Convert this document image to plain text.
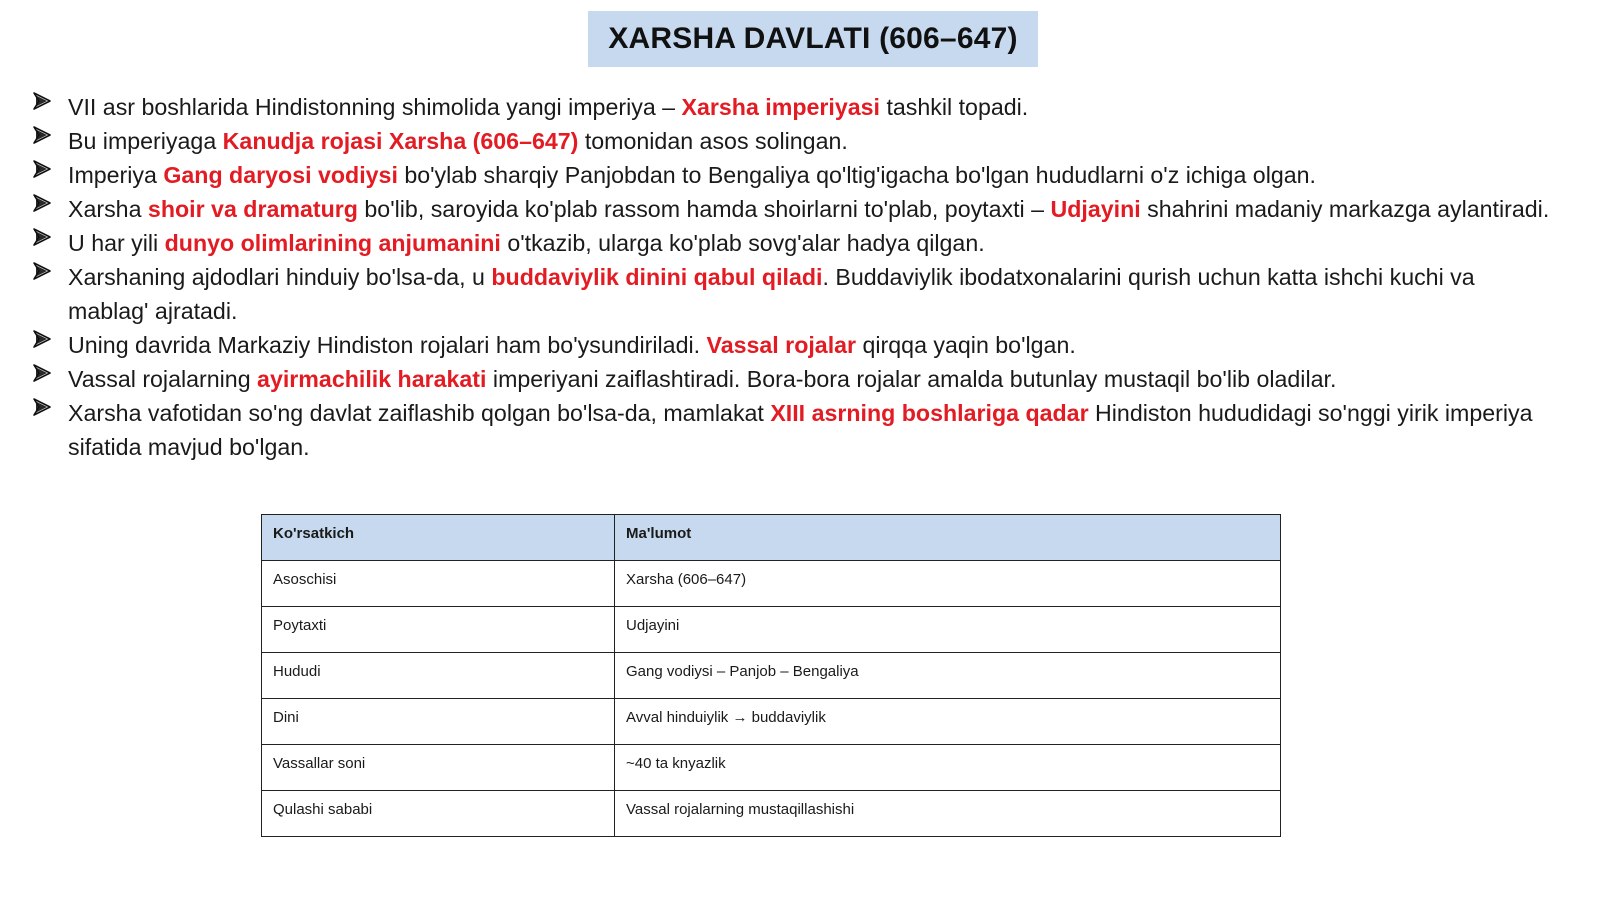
XARSHA DAVLATI (606–647)
VII asr boshlarida Hindistonning shimolida yangi imperiya – Xarsha imperiyasi tashkil topadi.
Bu imperiyaga Kanudja rojasi Xarsha (606–647) tomonidan asos solingan.
Imperiya Gang daryosi vodiysi bo'ylab sharqiy Panjobdan to Bengaliya qo'ltig'igacha bo'lgan hududlarni o'z ichiga olgan.
Xarsha shoir va dramaturg bo'lib, saroyida ko'plab rassom hamda shoirlarni to'plab, poytaxti – Udjayini shahrini madaniy markazga aylantiradi.
U har yili dunyo olimlarining anjumanini o'tkazib, ularga ko'plab sovg'alar hadya qilgan.
Xarshaning ajdodlari hinduiy bo'lsa-da, u buddaviylik dinini qabul qiladi. Buddaviylik ibodatxonalarini qurish uchun katta ishchi kuchi va mablag' ajratadi.
Uning davrida Markaziy Hindiston rojalari ham bo'ysundiriladi. Vassal rojalar qirqqa yaqin bo'lgan.
Vassal rojalarning ayirmachilik harakati imperiyani zaiflashtiradi. Bora-bora rojalar amalda butunlay mustaqil bo'lib oladilar.
Xarsha vafotidan so'ng davlat zaiflashib qolgan bo'lsa-da, mamlakat XIII asrning boshlariga qadar Hindiston hududidagi so'nggi yirik imperiya sifatida mavjud bo'lgan.
Ko'rsatkich	Ma'lumot
Asoschisi	Xarsha (606–647)
Poytaxti	Udjayini
Hududi	Gang vodiysi – Panjob – Bengaliya
Dini	Avval hinduiylik → buddaviylik
Vassallar soni	~40 ta knyazlik
Qulashi sababi	Vassal rojalarning mustaqillashishi
